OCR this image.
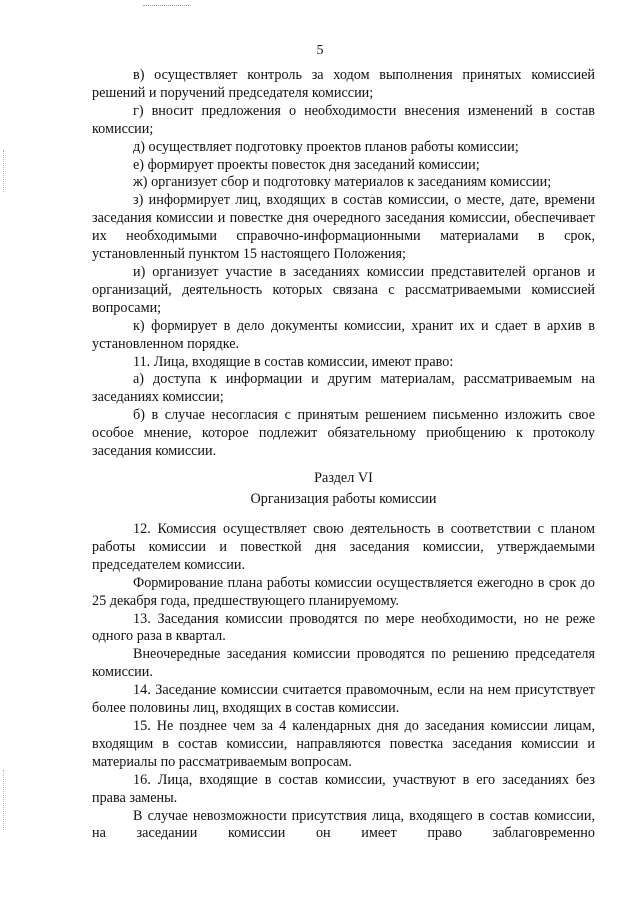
5

в) осуществляет контроль за ходом выполнения принятых комиссией решений и поручений председателя комиссии;

г) вносит предложения о необходимости внесения изменений в состав комиссии;

д) осуществляет подготовку проектов планов работы комиссии;

е) формирует проекты повесток дня заседаний комиссии;

ж) организует сбор и подготовку материалов к заседаниям комиссии;

з) информирует лиц, входящих в состав комиссии, о месте, дате, времени заседания комиссии и повестке дня очередного заседания комиссии, обеспечивает их необходимыми справочно-информационными материалами в срок, установленный пунктом 15 настоящего Положения;

и) организует участие в заседаниях комиссии представителей органов и организаций, деятельность которых связана с рассматриваемыми комиссией вопросами;

к) формирует в дело документы комиссии, хранит их и сдает в архив в установленном порядке.

11. Лица, входящие в состав комиссии, имеют право:

а) доступа к информации и другим материалам, рассматриваемым на заседаниях комиссии;

б) в случае несогласия с принятым решением письменно изложить свое особое мнение, которое подлежит обязательному приобщению к протоколу заседания комиссии.

Раздел VI
Организация работы комиссии

12. Комиссия осуществляет свою деятельность в соответствии с планом работы комиссии и повесткой дня заседания комиссии, утверждаемыми председателем комиссии.

Формирование плана работы комиссии осуществляется ежегодно в срок до 25 декабря года, предшествующего планируемому.

13. Заседания комиссии проводятся по мере необходимости, но не реже одного раза в квартал.

Внеочередные заседания комиссии проводятся по решению председателя комиссии.

14. Заседание комиссии считается правомочным, если на нем присутствует более половины лиц, входящих в состав комиссии.

15. Не позднее чем за 4 календарных дня до заседания комиссии лицам, входящим в состав комиссии, направляются повестка заседания комиссии и материалы по рассматриваемым вопросам.

16. Лица, входящие в состав комиссии, участвуют в его заседаниях без права замены.

В случае невозможности присутствия лица, входящего в состав комиссии, на заседании комиссии он имеет право заблаговременно
